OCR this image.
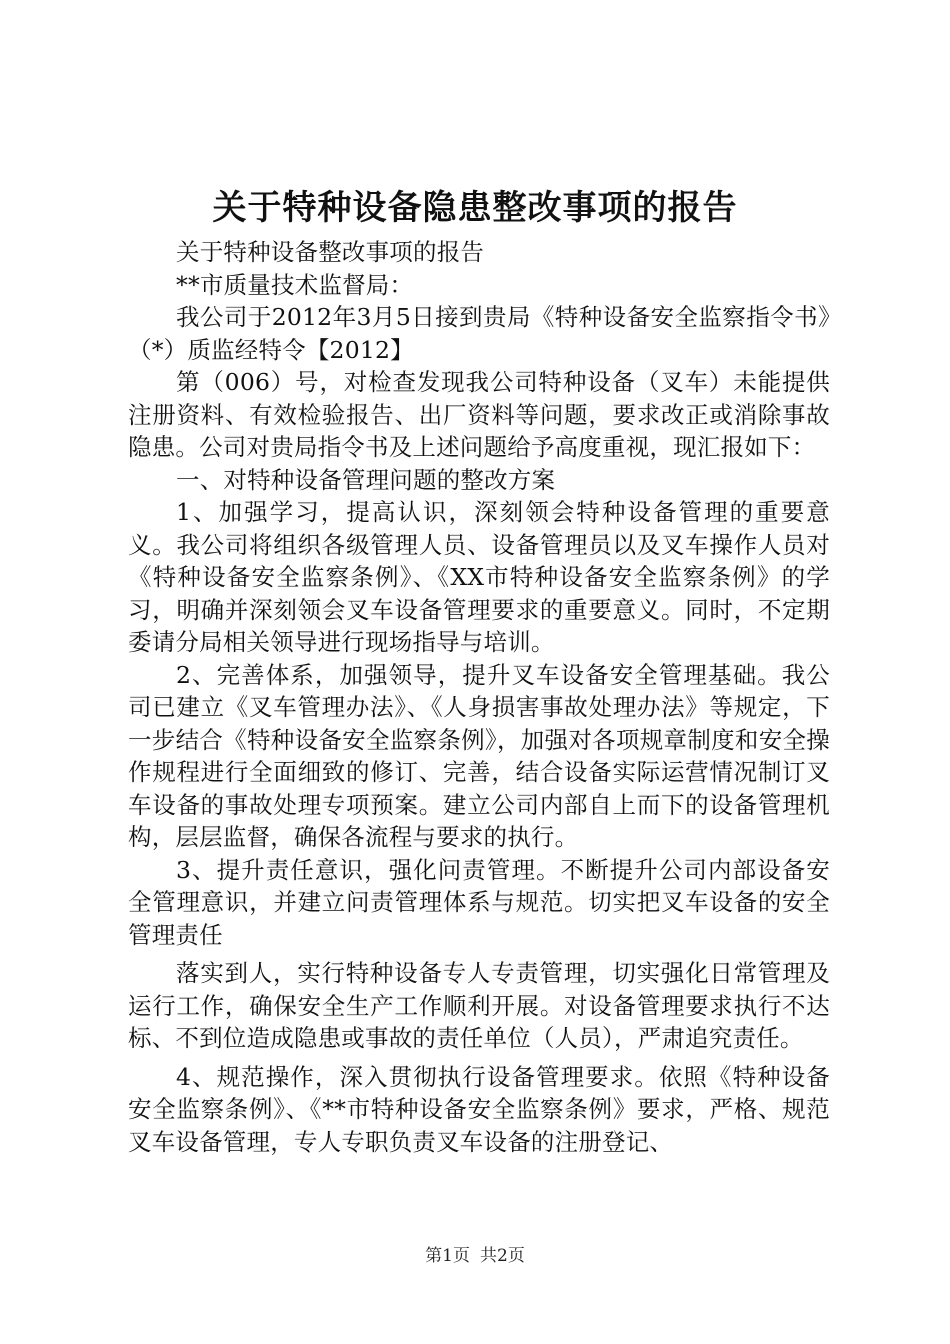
关于特种设备隐患整改事项的报告

关于特种设备整改事项的报告

**市质量技术监督局：

我公司于2012年3月5日接到贵局《特种设备安全监察指令书》（*）质监经特令【2012】

第（006）号，对检查发现我公司特种设备（叉车）未能提供注册资料、有效检验报告、出厂资料等问题，要求改正或消除事故隐患。公司对贵局指令书及上述问题给予高度重视，现汇报如下：

一、对特种设备管理问题的整改方案

1、加强学习，提高认识，深刻领会特种设备管理的重要意义。我公司将组织各级管理人员、设备管理员以及叉车操作人员对《特种设备安全监察条例》、《XX市特种设备安全监察条例》的学习，明确并深刻领会叉车设备管理要求的重要意义。同时，不定期委请分局相关领导进行现场指导与培训。

2、完善体系，加强领导，提升叉车设备安全管理基础。我公司已建立《叉车管理办法》、《人身损害事故处理办法》等规定，下一步结合《特种设备安全监察条例》，加强对各项规章制度和安全操作规程进行全面细致的修订、完善，结合设备实际运营情况制订叉车设备的事故处理专项预案。建立公司内部自上而下的设备管理机构，层层监督，确保各流程与要求的执行。

3、提升责任意识，强化问责管理。不断提升公司内部设备安全管理意识，并建立问责管理体系与规范。切实把叉车设备的安全管理责任

落实到人，实行特种设备专人专责管理，切实强化日常管理及运行工作，确保安全生产工作顺利开展。对设备管理要求执行不达标、不到位造成隐患或事故的责任单位（人员），严肃追究责任。

4、规范操作，深入贯彻执行设备管理要求。依照《特种设备安全监察条例》、《**市特种设备安全监察条例》要求，严格、规范叉车设备管理，专人专职负责叉车设备的注册登记、

第1页 共2页
